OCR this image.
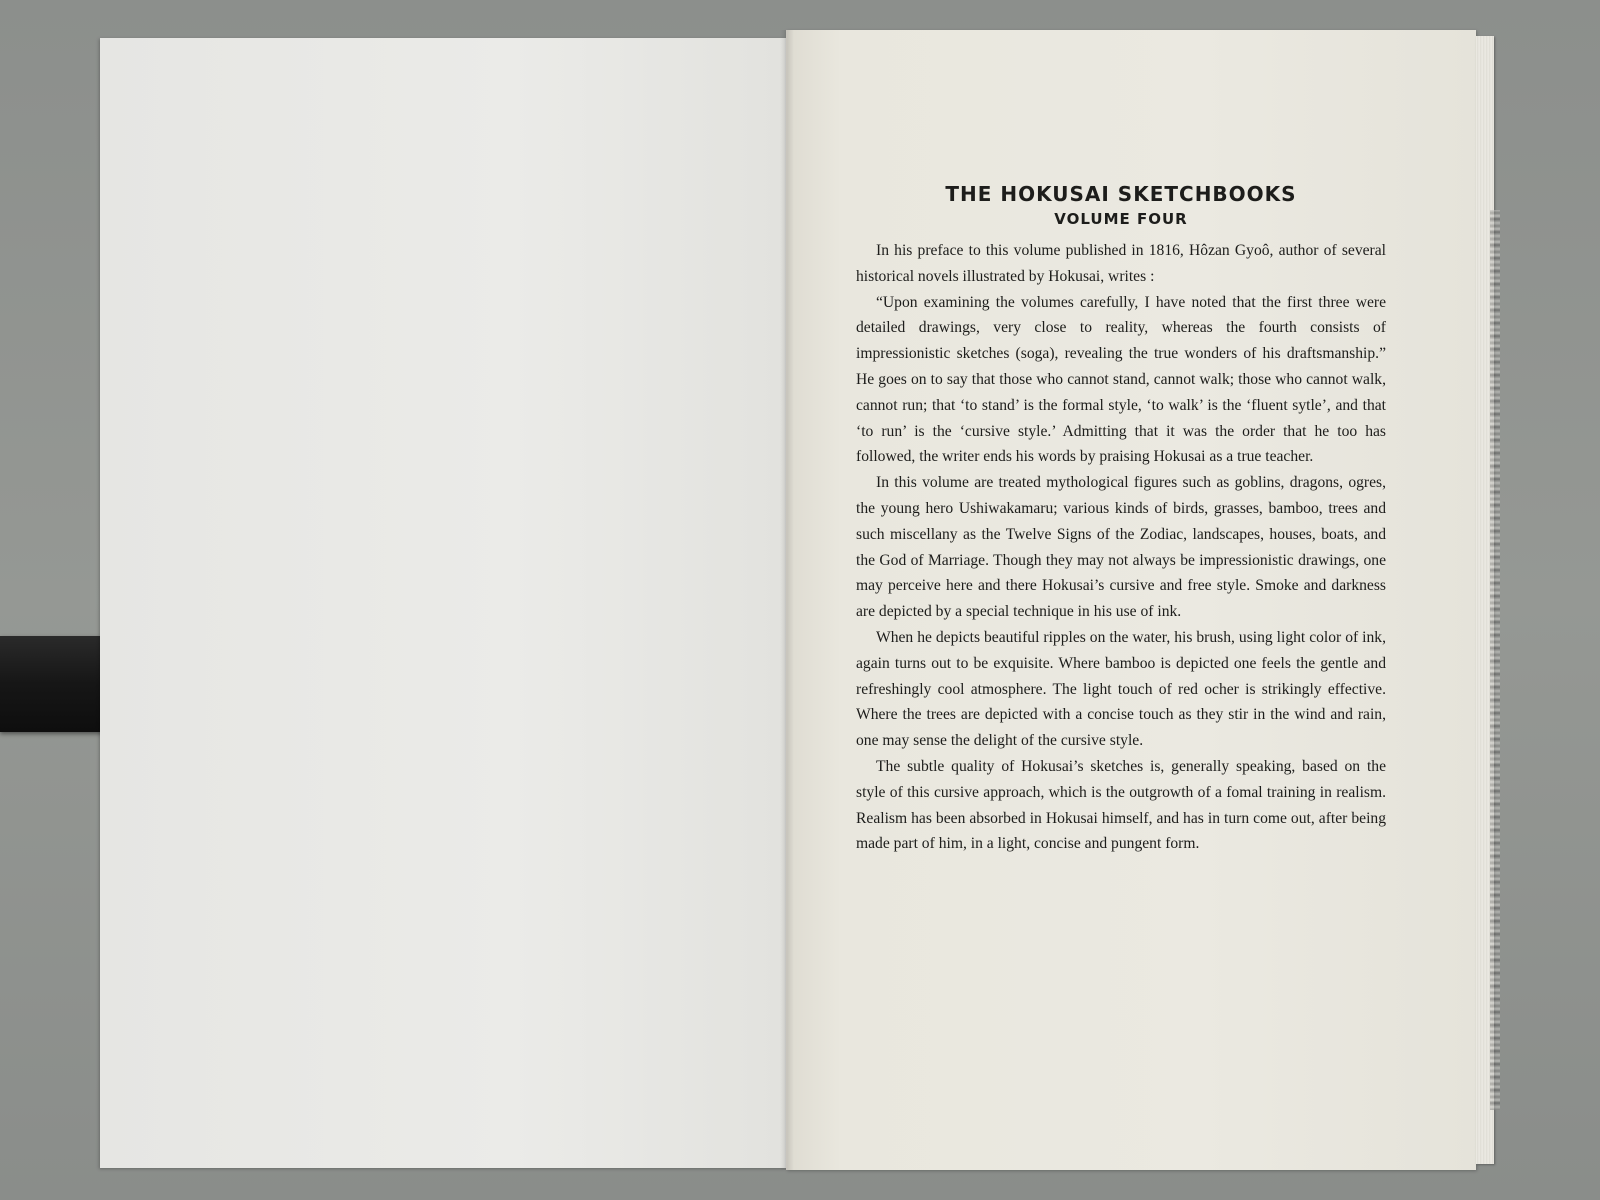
THE HOKUSAI SKETCHBOOKS
VOLUME FOUR

In his preface to this volume published in 1816, Hôzan Gyoô, author of several historical novels illustrated by Hokusai, writes :

“Upon examining the volumes carefully, I have noted that the first three were detailed drawings, very close to reality, whereas the fourth consists of impressionistic sketches (soga), revealing the true wonders of his draftsmanship.” He goes on to say that those who cannot stand, cannot walk; those who cannot walk, cannot run; that ‘to stand’ is the formal style, ‘to walk’ is the ‘fluent sytle’, and that ‘to run’ is the ‘cursive style.’ Admitting that it was the order that he too has followed, the writer ends his words by praising Hokusai as a true teacher.

In this volume are treated mythological figures such as goblins, dragons, ogres, the young hero Ushiwakamaru; various kinds of birds, grasses, bamboo, trees and such miscellany as the Twelve Signs of the Zodiac, landscapes, houses, boats, and the God of Marriage. Though they may not always be impressionistic drawings, one may perceive here and there Hokusai’s cursive and free style. Smoke and darkness are depicted by a special technique in his use of ink.

When he depicts beautiful ripples on the water, his brush, using light color of ink, again turns out to be exquisite. Where bamboo is depicted one feels the gentle and refreshingly cool atmosphere. The light touch of red ocher is strikingly effective. Where the trees are depicted with a concise touch as they stir in the wind and rain, one may sense the delight of the cursive style.

The subtle quality of Hokusai’s sketches is, generally speaking, based on the style of this cursive approach, which is the outgrowth of a fomal training in realism. Realism has been absorbed in Hokusai himself, and has in turn come out, after being made part of him, in a light, concise and pungent form.
